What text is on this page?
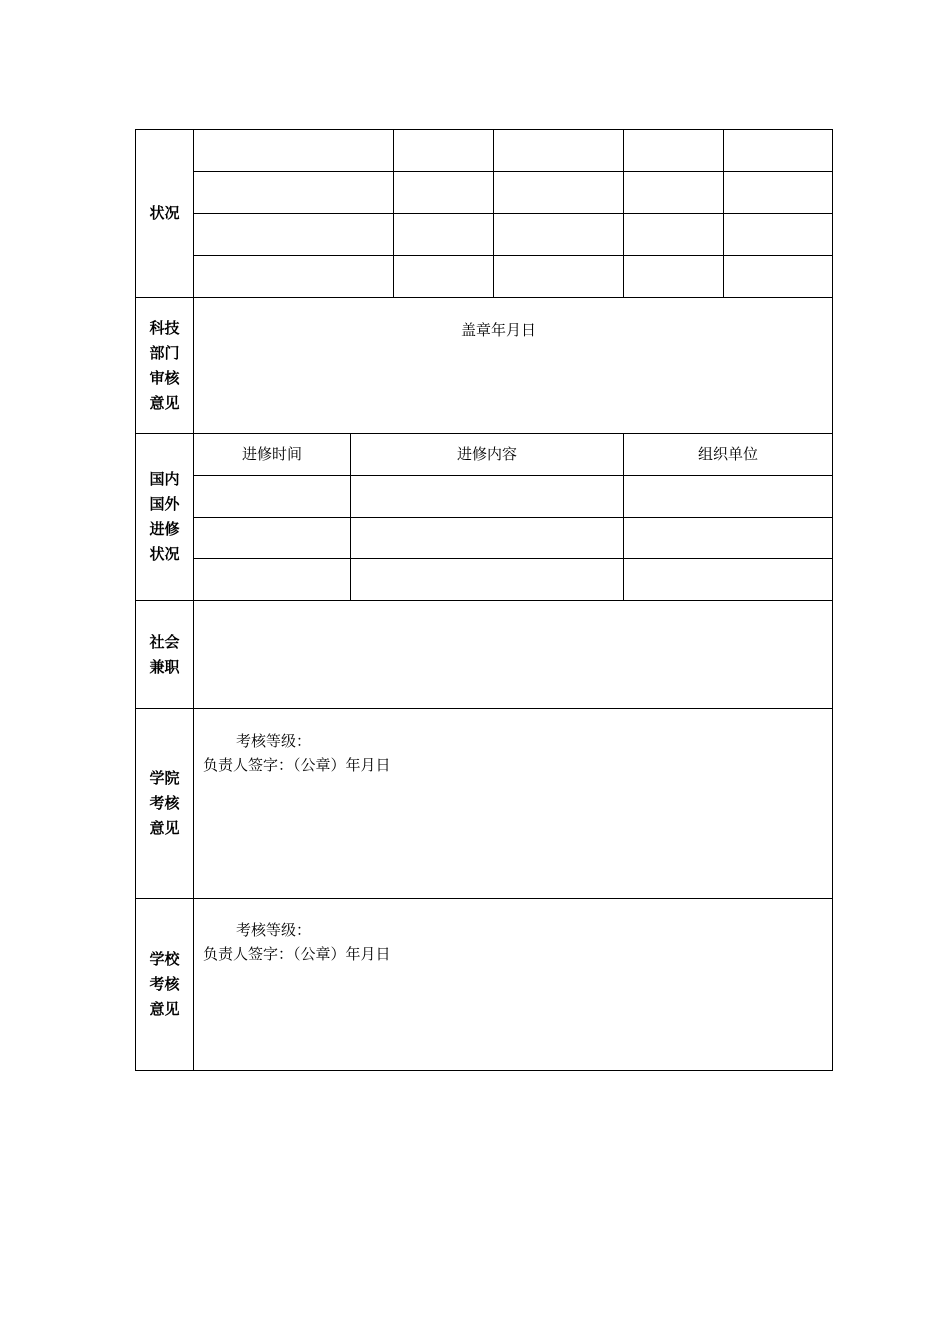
状况
科技
部门
审核
意见
盖章年月日
国内
国外
进修
状况
进修时间	进修内容	组织单位
社会
兼职
学院
考核
意见
考核等级：
负责人签字：（公章）年月日
学校
考核
意见
考核等级：
负责人签字：（公章）年月日
